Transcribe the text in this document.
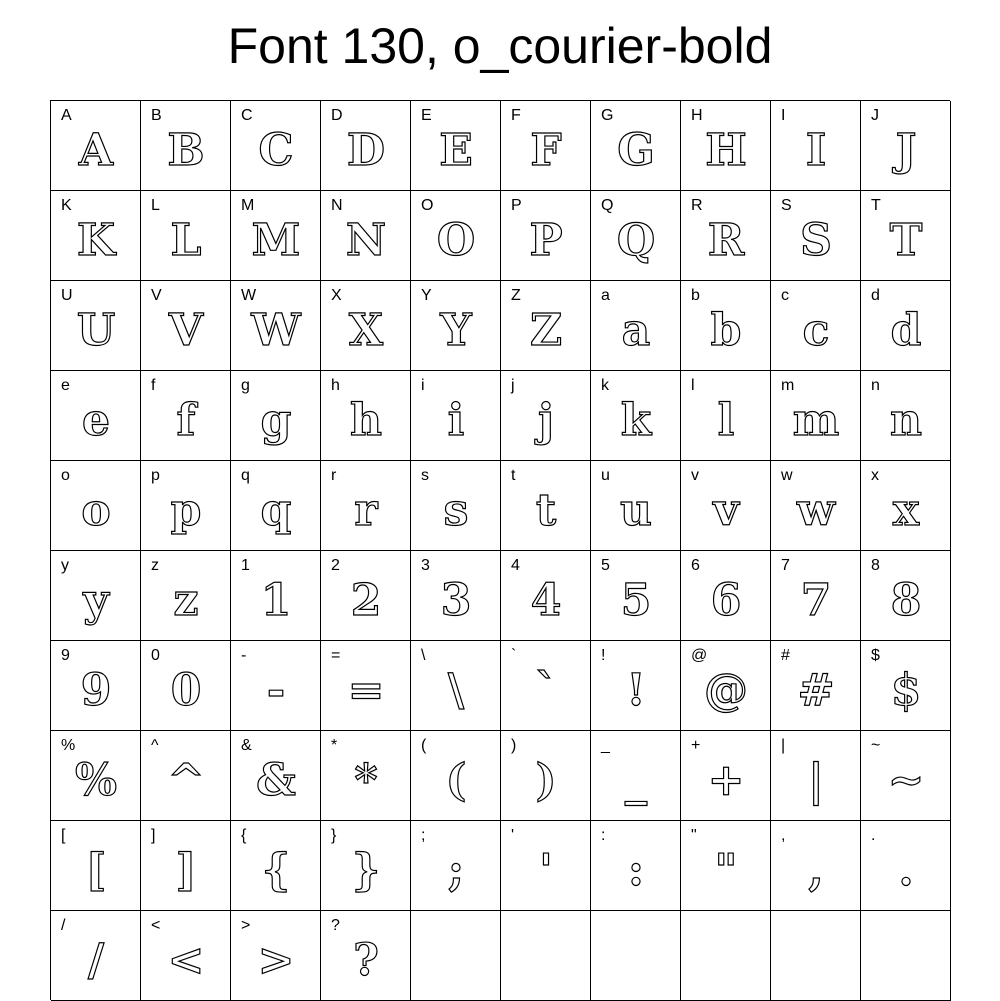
Font 130, o_courier-bold
A
A
B
B
C
C
D
D
E
E
F
F
G
G
H
H
I
I
J
J
K
K
L
L
M
M
N
N
O
O
P
P
Q
Q
R
R
S
S
T
T
U
U
V
V
W
W
X
X
Y
Y
Z
Z
a
a
b
b
c
c
d
d
e
e
f
f
g
g
h
h
i
i
j
j
k
k
l
l
m
m
n
n
o
o
p
p
q
q
r
r
s
s
t
t
u
u
v
v
w
w
x
x
y
y
z
z
1
1
2
2
3
3
4
4
5
5
6
6
7
7
8
8
9
9
0
0
-
-
=
=
\
\
`
`
!
!
@
@
#
#
$
$
%
%
^
^
&
&
*
*
(
(
)
)
_
_
+
+
|
|
~
~
[
[
]
]
{
{
}
}
;
;
'
'
:
:
"
"
,
,
.
.
/
/
<
<
>
>
?
?
